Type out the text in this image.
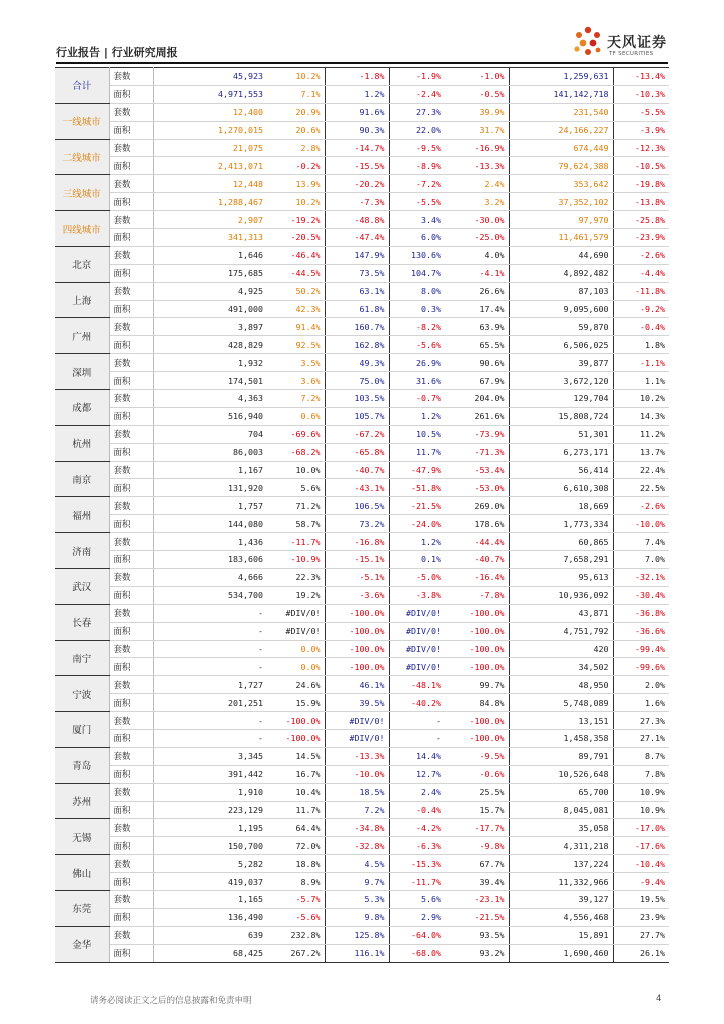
行业报告 | 行业研究周报
天风证券
TF SECURITIES
合计	套数	45,923	10.2%	-1.8%	-1.9%	-1.0%	1,259,631	-13.4%
	面积	4,971,553	7.1%	1.2%	-2.4%	-0.5%	141,142,718	-10.3%
一线城市	套数	12,400	20.9%	91.6%	27.3%	39.9%	231,540	-5.5%
	面积	1,270,015	20.6%	90.3%	22.0%	31.7%	24,166,227	-3.9%
二线城市	套数	21,075	2.8%	-14.7%	-9.5%	-16.9%	674,449	-12.3%
	面积	2,413,071	-0.2%	-15.5%	-8.9%	-13.3%	79,624,388	-10.5%
三线城市	套数	12,448	13.9%	-20.2%	-7.2%	2.4%	353,642	-19.8%
	面积	1,288,467	10.2%	-7.3%	-5.5%	3.2%	37,352,102	-13.8%
四线城市	套数	2,907	-19.2%	-48.8%	3.4%	-30.0%	97,970	-25.8%
	面积	341,313	-20.5%	-47.4%	6.0%	-25.0%	11,461,579	-23.9%
北京	套数	1,646	-46.4%	147.9%	130.6%	4.0%	44,690	-2.6%
	面积	175,685	-44.5%	73.5%	104.7%	-4.1%	4,892,482	-4.4%
上海	套数	4,925	50.2%	63.1%	8.0%	26.6%	87,103	-11.8%
	面积	491,000	42.3%	61.8%	0.3%	17.4%	9,095,600	-9.2%
广州	套数	3,897	91.4%	160.7%	-8.2%	63.9%	59,870	-0.4%
	面积	428,829	92.5%	162.8%	-5.6%	65.5%	6,506,025	1.8%
深圳	套数	1,932	3.5%	49.3%	26.9%	90.6%	39,877	-1.1%
	面积	174,501	3.6%	75.0%	31.6%	67.9%	3,672,120	1.1%
成都	套数	4,363	7.2%	103.5%	-0.7%	204.0%	129,704	10.2%
	面积	516,940	0.6%	105.7%	1.2%	261.6%	15,808,724	14.3%
杭州	套数	704	-69.6%	-67.2%	10.5%	-73.9%	51,301	11.2%
	面积	86,003	-68.2%	-65.8%	11.7%	-71.3%	6,273,171	13.7%
南京	套数	1,167	10.0%	-40.7%	-47.9%	-53.4%	56,414	22.4%
	面积	131,920	5.6%	-43.1%	-51.8%	-53.0%	6,610,308	22.5%
福州	套数	1,757	71.2%	106.5%	-21.5%	269.0%	18,669	-2.6%
	面积	144,080	58.7%	73.2%	-24.0%	178.6%	1,773,334	-10.0%
济南	套数	1,436	-11.7%	-16.8%	1.2%	-44.4%	60,865	7.4%
	面积	183,606	-10.9%	-15.1%	0.1%	-40.7%	7,658,291	7.0%
武汉	套数	4,666	22.3%	-5.1%	-5.0%	-16.4%	95,613	-32.1%
	面积	534,700	19.2%	-3.6%	-3.8%	-7.8%	10,936,092	-30.4%
长春	套数	-	#DIV/0!	-100.0%	#DIV/0!	-100.0%	43,871	-36.8%
	面积	-	#DIV/0!	-100.0%	#DIV/0!	-100.0%	4,751,792	-36.6%
南宁	套数	-	0.0%	-100.0%	#DIV/0!	-100.0%	420	-99.4%
	面积	-	0.0%	-100.0%	#DIV/0!	-100.0%	34,502	-99.6%
宁波	套数	1,727	24.6%	46.1%	-48.1%	99.7%	48,950	2.0%
	面积	201,251	15.9%	39.5%	-40.2%	84.8%	5,748,089	1.6%
厦门	套数	-	-100.0%	#DIV/0!	-	-100.0%	13,151	27.3%
	面积	-	-100.0%	#DIV/0!	-	-100.0%	1,458,358	27.1%
青岛	套数	3,345	14.5%	-13.3%	14.4%	-9.5%	89,791	8.7%
	面积	391,442	16.7%	-10.0%	12.7%	-0.6%	10,526,648	7.8%
苏州	套数	1,910	10.4%	18.5%	2.4%	25.5%	65,700	10.9%
	面积	223,129	11.7%	7.2%	-0.4%	15.7%	8,045,081	10.9%
无锡	套数	1,195	64.4%	-34.8%	-4.2%	-17.7%	35,058	-17.0%
	面积	150,700	72.0%	-32.8%	-6.3%	-9.8%	4,311,218	-17.6%
佛山	套数	5,282	18.8%	4.5%	-15.3%	67.7%	137,224	-10.4%
	面积	419,037	8.9%	9.7%	-11.7%	39.4%	11,332,966	-9.4%
东莞	套数	1,165	-5.7%	5.3%	5.6%	-23.1%	39,127	19.5%
	面积	136,490	-5.6%	9.8%	2.9%	-21.5%	4,556,468	23.9%
金华	套数	639	232.8%	125.8%	-64.0%	93.5%	15,891	27.7%
	面积	68,425	267.2%	116.1%	-68.0%	93.2%	1,690,460	26.1%
请务必阅读正文之后的信息披露和免责申明	4
